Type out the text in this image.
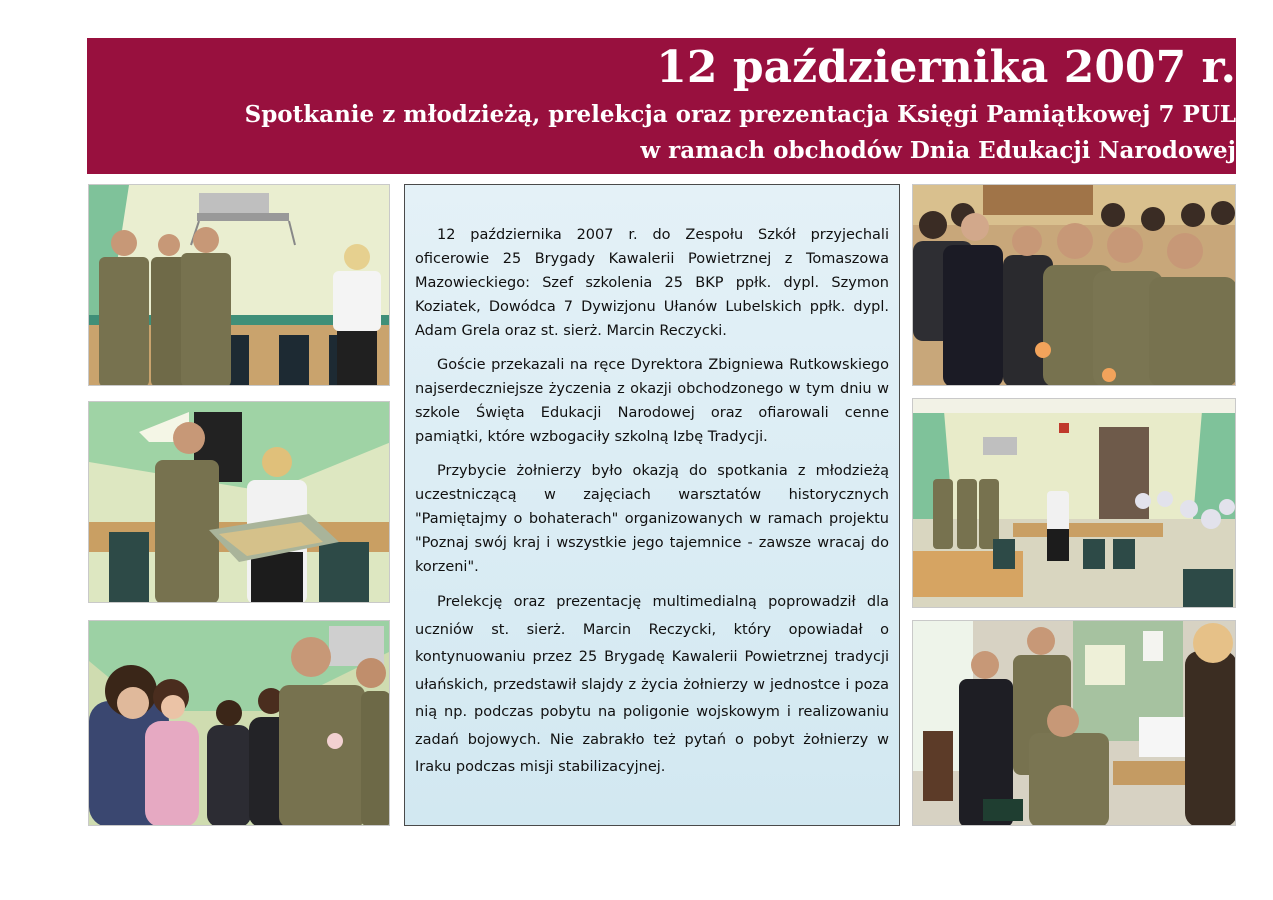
12 października 2007 r.
Spotkanie z młodzieżą, prelekcja oraz prezentacja Księgi Pamiątkowej 7 PUL
w ramach obchodów Dnia Edukacji Narodowej

12 października 2007 r. do Zespołu Szkół przyjechali oficerowie 25 Brygady Kawalerii Powietrznej z Tomaszowa Mazowieckiego: Szef szkolenia 25 BKP ppłk. dypl. Szymon Koziatek, Dowódca 7 Dywizjonu Ułanów Lubelskich ppłk. dypl. Adam Grela oraz st. sierż. Marcin Reczycki.

Goście przekazali na ręce Dyrektora Zbigniewa Rutkowskiego najserdeczniejsze życzenia z okazji obchodzonego w tym dniu w szkole Święta Edukacji Narodowej oraz ofiarowali cenne pamiątki, które wzbogaciły szkolną Izbę Tradycji.

Przybycie żołnierzy było okazją do spotkania z młodzieżą uczestniczącą w zajęciach warsztatów historycznych "Pamiętajmy o bohaterach" organizowanych w ramach projektu "Poznaj swój kraj i wszystkie jego tajemnice - zawsze wracaj do korzeni".

Prelekcję oraz prezentację multimedialną poprowadził dla uczniów st. sierż. Marcin Reczycki, który opowiadał o kontynuowaniu przez 25 Brygadę Kawalerii Powietrznej tradycji ułańskich, przedstawił slajdy z życia żołnierzy w jednostce i poza nią np. podczas pobytu na poligonie wojskowym i realizowaniu zadań bojowych. Nie zabrakło też pytań o pobyt żołnierzy w Iraku podczas misji stabilizacyjnej.
